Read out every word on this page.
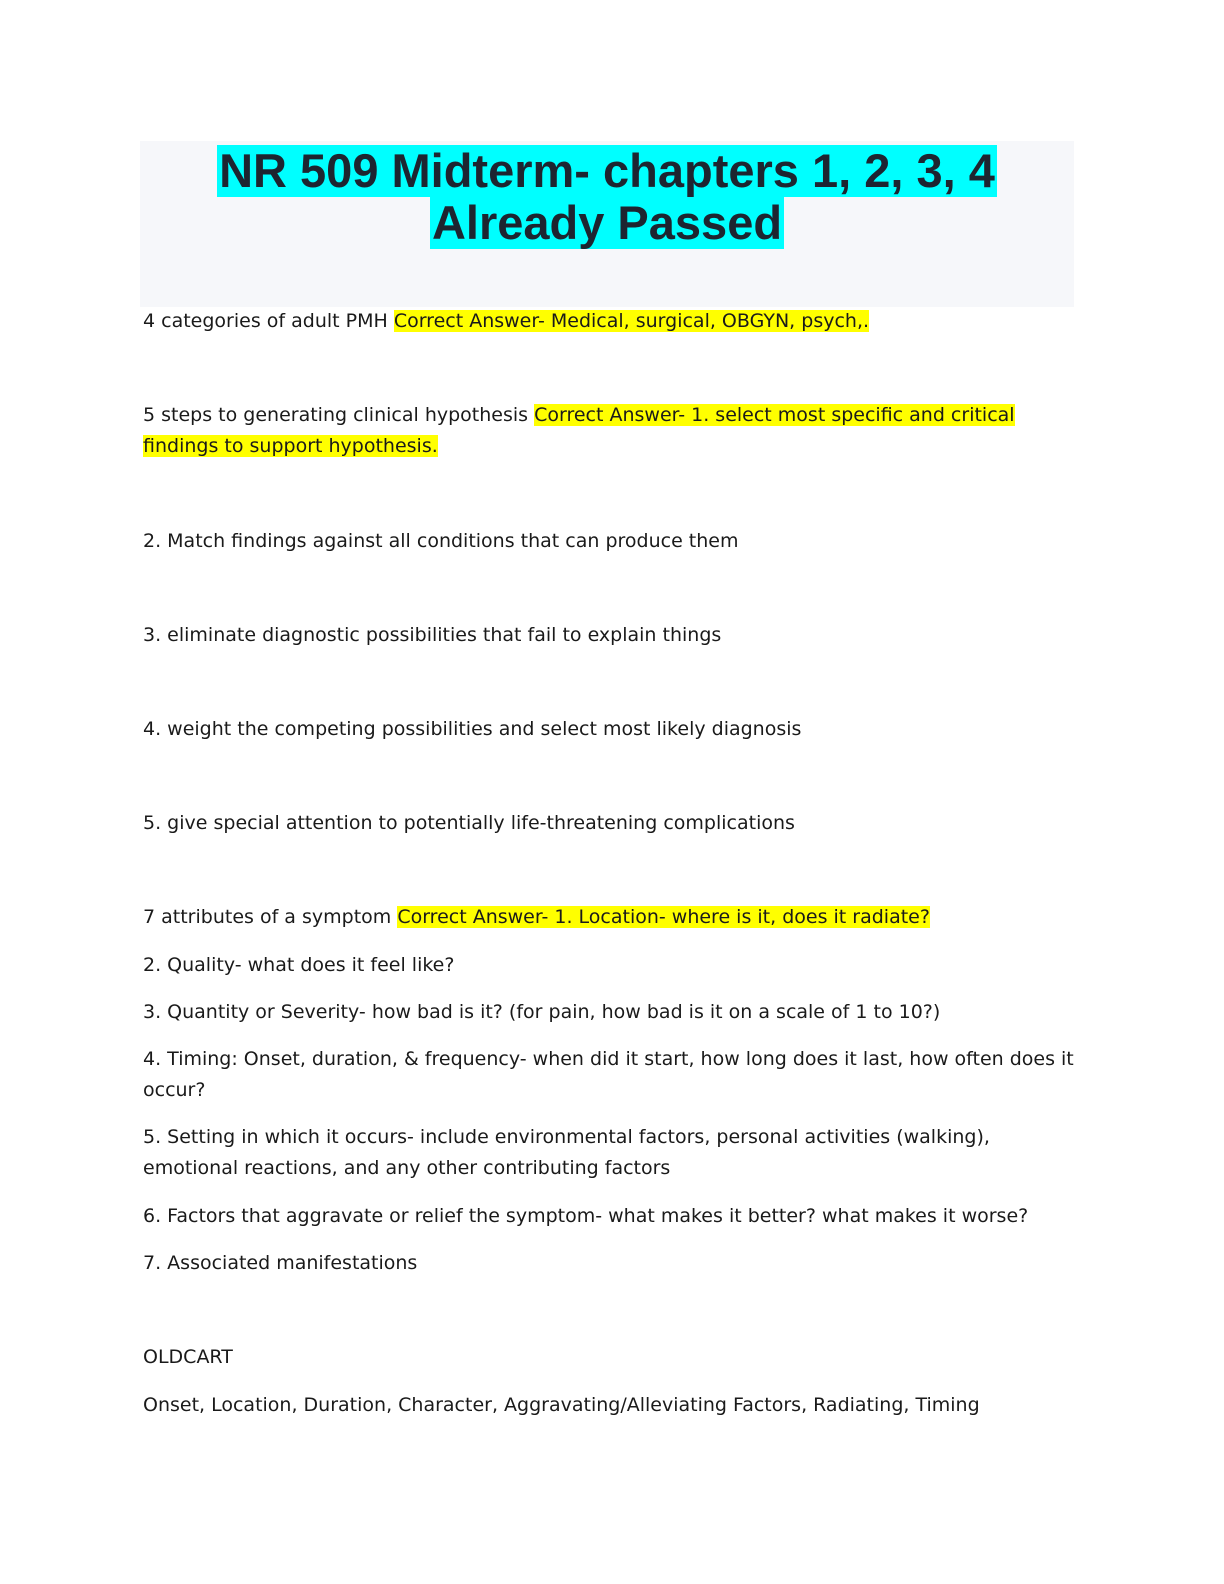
NR 509 Midterm- chapters 1, 2, 3, 4
Already Passed
4 categories of adult PMH Correct Answer- Medical, surgical, OBGYN, psych,.
5 steps to generating clinical hypothesis Correct Answer- 1. select most specific and critical findings to support hypothesis.
2. Match findings against all conditions that can produce them
3. eliminate diagnostic possibilities that fail to explain things
4. weight the competing possibilities and select most likely diagnosis
5. give special attention to potentially life-threatening complications
7 attributes of a symptom Correct Answer- 1. Location- where is it, does it radiate?
2. Quality- what does it feel like?
3. Quantity or Severity- how bad is it? (for pain, how bad is it on a scale of 1 to 10?)
4. Timing: Onset, duration, & frequency- when did it start, how long does it last, how often does it occur?
5. Setting in which it occurs- include environmental factors, personal activities (walking), emotional reactions, and any other contributing factors
6. Factors that aggravate or relief the symptom- what makes it better? what makes it worse?
7. Associated manifestations
OLDCART
Onset, Location, Duration, Character, Aggravating/Alleviating Factors, Radiating, Timing
